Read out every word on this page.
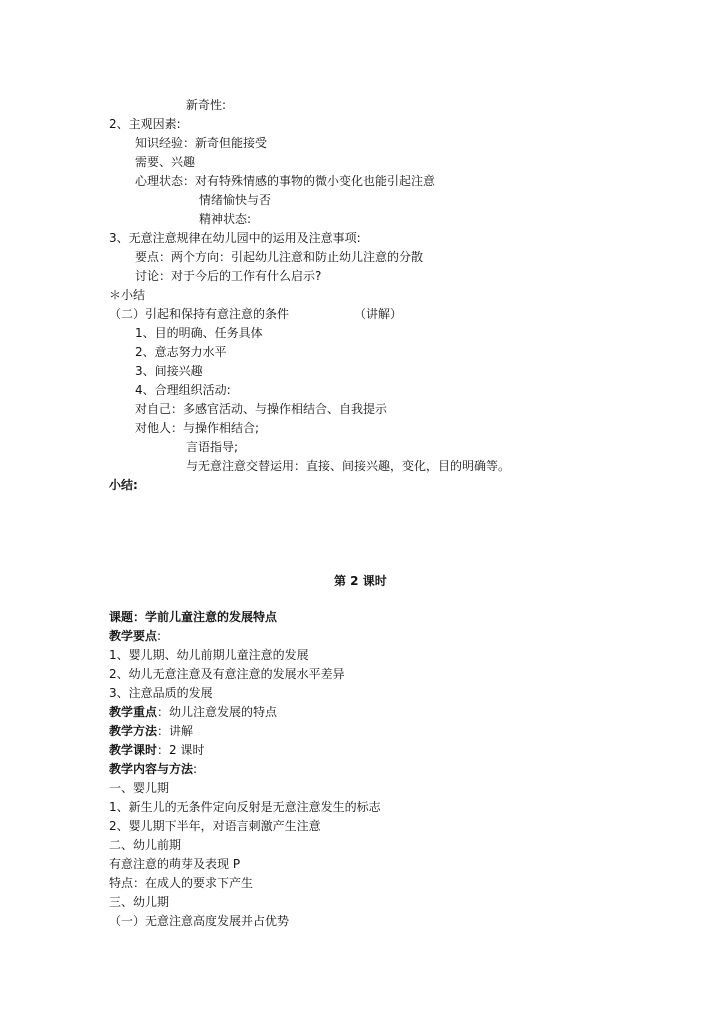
新奇性:
2、主观因素:
知识经验：新奇但能接受
需要、兴趣
心理状态：对有特殊情感的事物的微小变化也能引起注意
情绪愉快与否
精神状态:
3、无意注意规律在幼儿园中的运用及注意事项:
要点：两个方向：引起幼儿注意和防止幼儿注意的分散
讨论：对于今后的工作有什么启示?
＊小结
（二）引起和保持有意注意的条件	（讲解）
1、目的明确、任务具体
2、意志努力水平
3、间接兴趣
4、合理组织活动:
对自己：多感官活动、与操作相结合、自我提示
对他人：与操作相结合;
言语指导;
与无意注意交替运用：直接、间接兴趣，变化，目的明确等。
小结:
第 2 课时
课题：学前儿童注意的发展特点
教学要点:
1、婴儿期、幼儿前期儿童注意的发展
2、幼儿无意注意及有意注意的发展水平差异
3、注意品质的发展
教学重点：幼儿注意发展的特点
教学方法：讲解
教学课时：2 课时
教学内容与方法:
一、婴儿期
1、新生儿的无条件定向反射是无意注意发生的标志
2、婴儿期下半年，对语言刺激产生注意
二、幼儿前期
有意注意的萌芽及表现 P
特点：在成人的要求下产生
三、幼儿期
（一）无意注意高度发展并占优势
